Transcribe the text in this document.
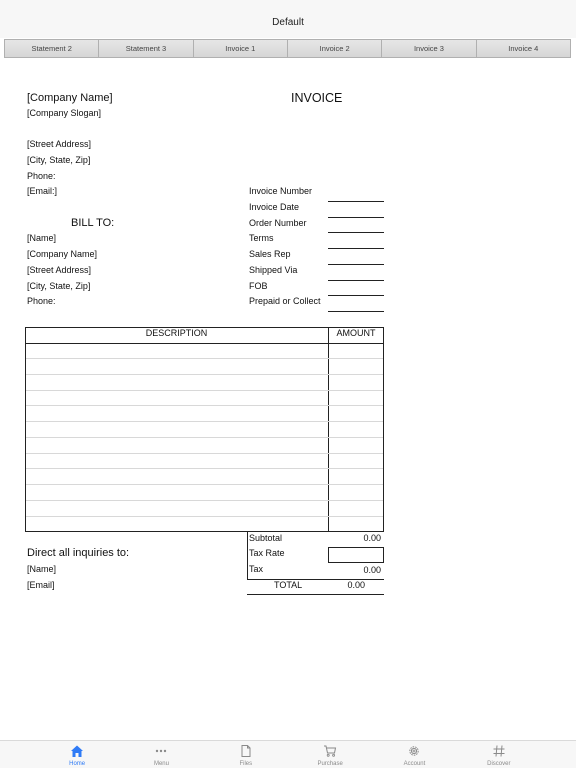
Default
Statement 2	Statement 3	Invoice 1	Invoice 2	Invoice 3	Invoice 4
[Company Name]
[Company Slogan]
INVOICE
[Street Address]
[City, State, Zip]
Phone:
[Email:]	Invoice Number
Invoice Date
Order Number
Terms
Sales Rep
Shipped Via
FOB
Prepaid or Collect
BILL TO:
[Name]
[Company Name]
[Street Address]
[City, State, Zip]
Phone:
DESCRIPTION	AMOUNT
Subtotal	0.00
Tax Rate
Tax	0.00
TOTAL	0.00
Direct all inquiries to:
[Name]
[Email]
Home	Menu	Files	Purchase	Account	Discover
